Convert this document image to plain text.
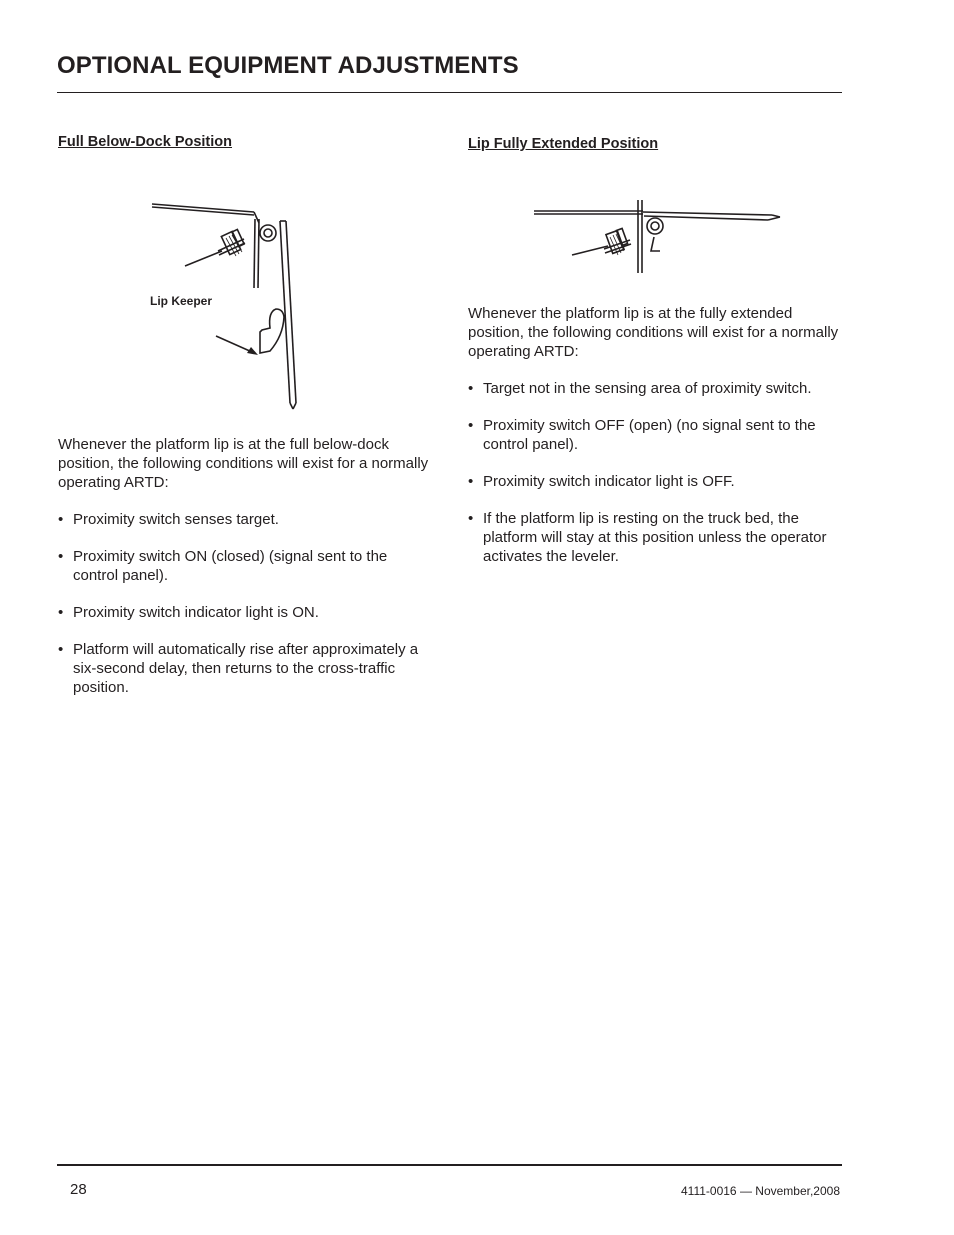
OPTIONAL EQUIPMENT ADJUSTMENTS
Full Below-Dock Position
Lip Keeper

Whenever the platform lip is at the full below-dock position, the following conditions will exist for a normally operating ARTD:

• Proximity switch senses target.
• Proximity switch ON (closed) (signal sent to the control panel).
• Proximity switch indicator light is ON.
• Platform will automatically rise after approximately a six-second delay, then returns to the cross-traffic position.
Lip Fully Extended Position

Whenever the platform lip is at the fully extended position, the following conditions will exist for a normally operating ARTD:

• Target not in the sensing area of proximity switch.
• Proximity switch OFF (open) (no signal sent to the control panel).
• Proximity switch indicator light is OFF.
• If the platform lip is resting on the truck bed, the platform will stay at this position unless the operator activates the leveler.
28	4111-0016 — November,2008
